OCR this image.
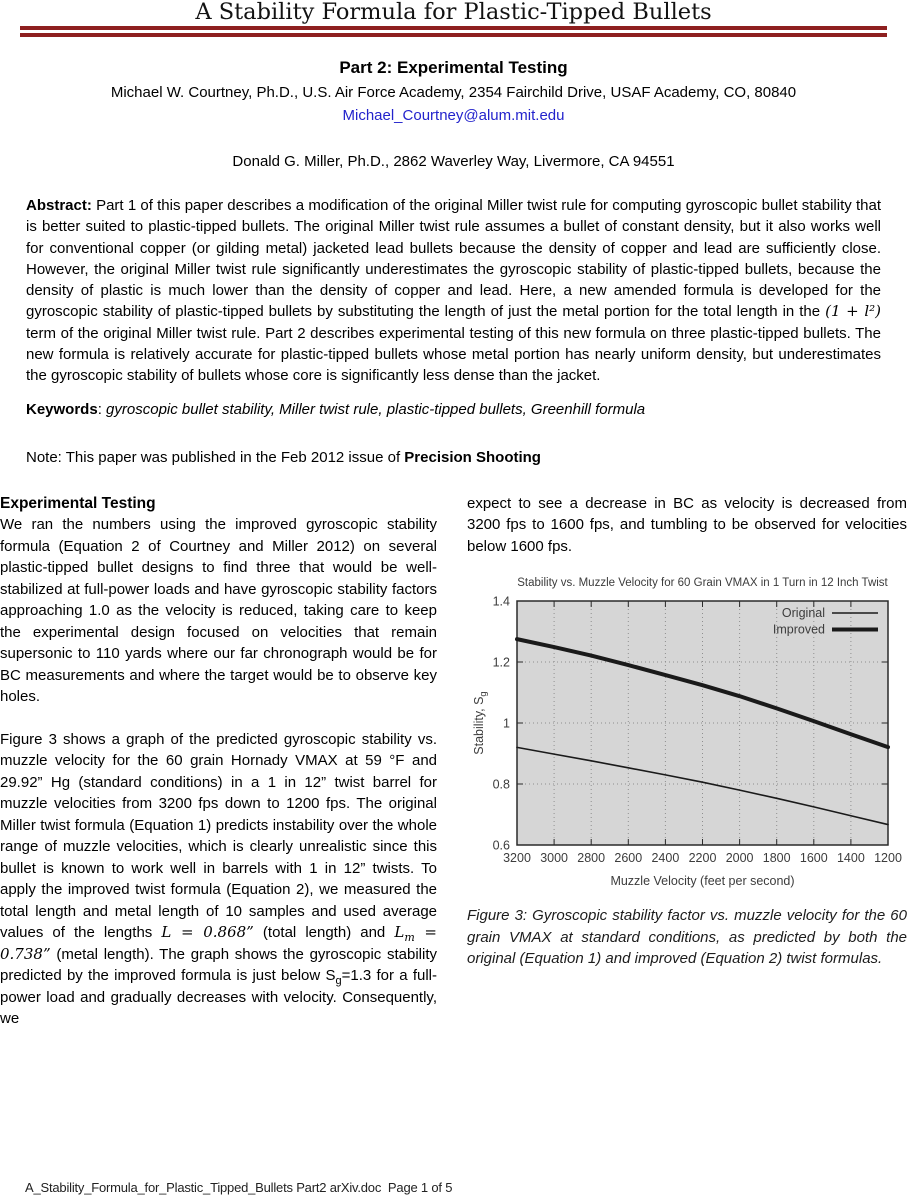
A Stability Formula for Plastic-Tipped Bullets
Part 2: Experimental Testing
Michael W. Courtney, Ph.D., U.S. Air Force Academy, 2354 Fairchild Drive, USAF Academy, CO, 80840
Michael_Courtney@alum.mit.edu
Donald G. Miller, Ph.D., 2862 Waverley Way, Livermore, CA 94551

Abstract: Part 1 of this paper describes a modification of the original Miller twist rule for computing gyroscopic bullet stability that is better suited to plastic-tipped bullets. The original Miller twist rule assumes a bullet of constant density, but it also works well for conventional copper (or gilding metal) jacketed lead bullets because the density of copper and lead are sufficiently close. However, the original Miller twist rule significantly underestimates the gyroscopic stability of plastic-tipped bullets, because the density of plastic is much lower than the density of copper and lead. Here, a new amended formula is developed for the gyroscopic stability of plastic-tipped bullets by substituting the length of just the metal portion for the total length in the (1 + l²) term of the original Miller twist rule. Part 2 describes experimental testing of this new formula on three plastic-tipped bullets. The new formula is relatively accurate for plastic-tipped bullets whose metal portion has nearly uniform density, but underestimates the gyroscopic stability of bullets whose core is significantly less dense than the jacket.

Keywords: gyroscopic bullet stability, Miller twist rule, plastic-tipped bullets, Greenhill formula

Note: This paper was published in the Feb 2012 issue of Precision Shooting

Experimental Testing

We ran the numbers using the improved gyroscopic stability formula (Equation 2 of Courtney and Miller 2012) on several plastic-tipped bullet designs to find three that would be well-stabilized at full-power loads and have gyroscopic stability factors approaching 1.0 as the velocity is reduced, taking care to keep the experimental design focused on velocities that remain supersonic to 110 yards where our far chronograph would be for BC measurements and where the target would be to observe key holes.

Figure 3 shows a graph of the predicted gyroscopic stability vs. muzzle velocity for the 60 grain Hornady VMAX at 59 °F and 29.92” Hg (standard conditions) in a 1 in 12” twist barrel for muzzle velocities from 3200 fps down to 1200 fps. The original Miller twist formula (Equation 1) predicts instability over the whole range of muzzle velocities, which is clearly unrealistic since this bullet is known to work well in barrels with 1 in 12” twists. To apply the improved twist formula (Equation 2), we measured the total length and metal length of 10 samples and used average values of the lengths L = 0.868” (total length) and $L_m = 0.738$” (metal length). The graph shows the gyroscopic stability predicted by the improved formula is just below $S_g=1.3$ for a full-power load and gradually decreases with velocity. Consequently, we

expect to see a decrease in BC as velocity is decreased from 3200 fps to 1600 fps, and tumbling to be observed for velocities below 1600 fps.

Original
Improved
3200 3000 2800 2600 2400 2200 2000 1800 1600 1400 1200
0.6
0.8
1
1.2
1.4
Stability vs. Muzzle Velocity for 60 Grain VMAX in 1 Turn in 12 Inch Twist
Muzzle Velocity (feet per second)
Stability, $S_g$

Figure 3: Gyroscopic stability factor vs. muzzle velocity for the 60 grain VMAX at standard conditions, as predicted by both the original (Equation 1) and improved (Equation 2) twist formulas.

A_Stability_Formula_for_Plastic_Tipped_Bullets Part2 arXiv.doc  Page 1 of 5
